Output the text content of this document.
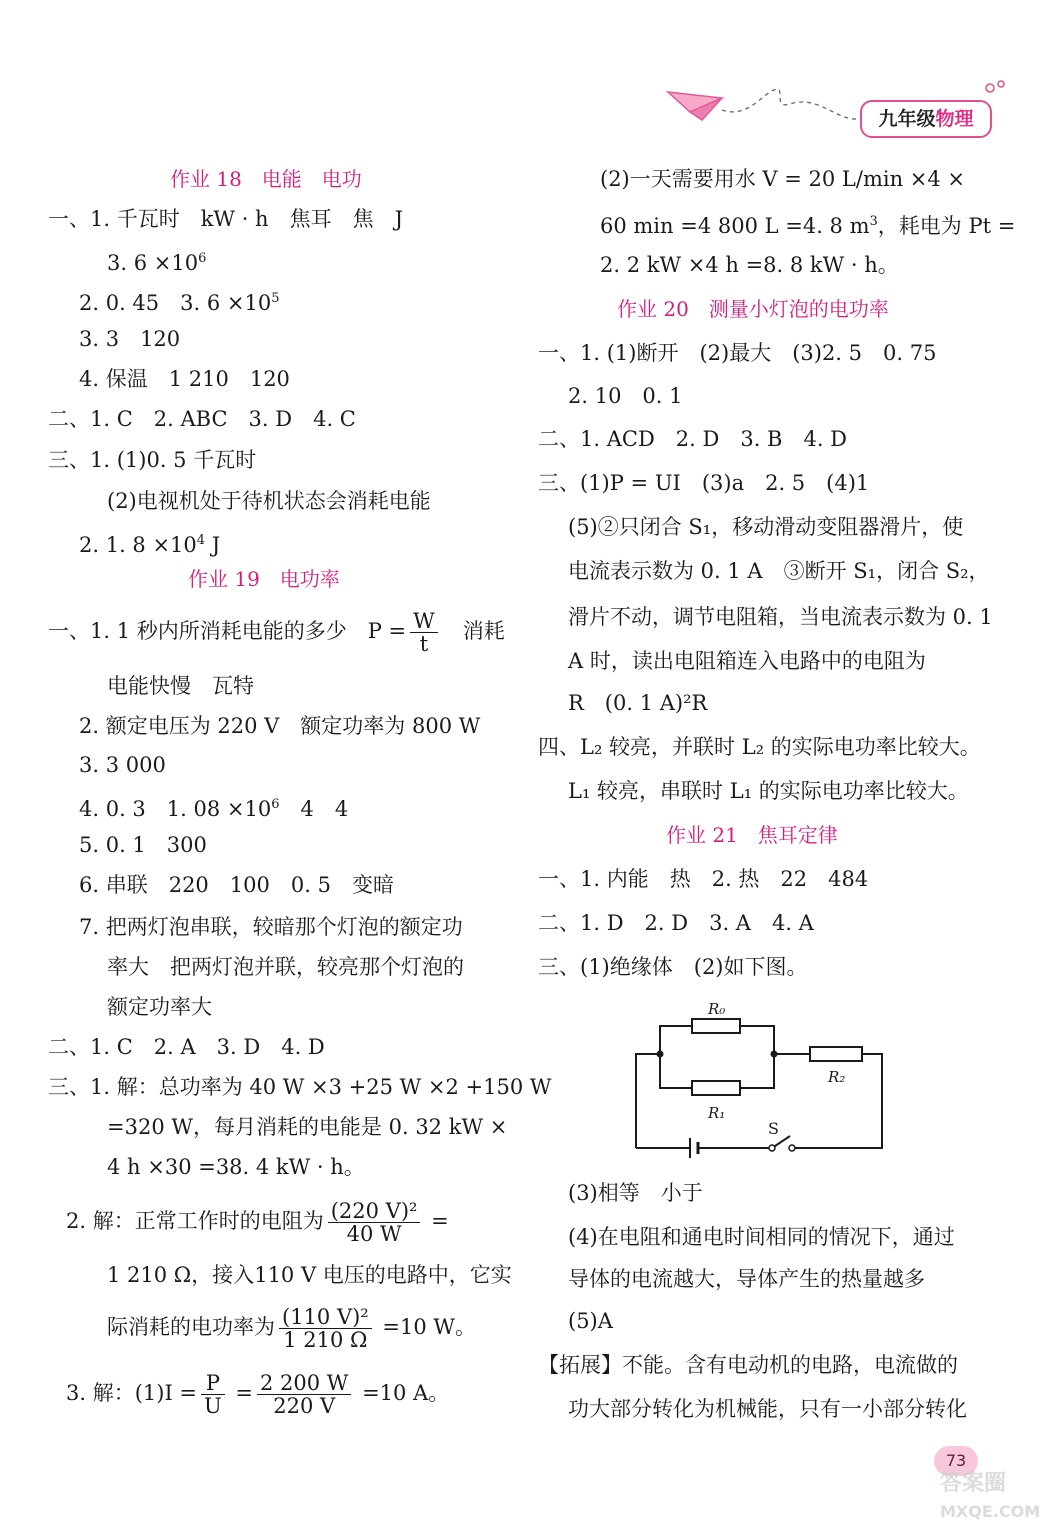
九年级物理
作业 18　电能　电功
一、1. 千瓦时　kW · h　焦耳　焦　J
3. $6 \times 10^6$
2. 0. 45　3. $6 \times 10^5$
3. 3　120
4. 保温　1 210　120
二、1. C　2. ABC　3. D　4. C
三、1. (1)0. 5 千瓦时
(2)电视机处于待机状态会消耗电能
2. 1. $8 \times 10^4$ J
作业 19　电功率
一、1. 1 秒内所消耗电能的多少　$P = \frac{W}{t}$ 　消耗
电能快慢　瓦特
2. 额定电压为 220 V　额定功率为 800 W
3. 3 000
4. 0. 3　1. $08 \times 10^6$　4　4
5. 0. 1　300
6. 串联　220　100　0. 5　变暗
7. 把两灯泡串联，较暗那个灯泡的额定功
率大　把两灯泡并联，较亮那个灯泡的
额定功率大
二、1. C　2. A　3. D　4. D
三、1. 解：总功率为 40 W ×3 +25 W ×2 +150 W
=320 W，每月消耗的电能是 0. 32 kW ×
4 h ×30 =38. 4 kW · h。
2. 解：正常工作时的电阻为 $\frac{\text{(220 V)²}}{40 W}$ =
1 210 Ω，接入110 V 电压的电路中，它实
际消耗的电功率为 $\frac{\text{(110 V)²}}{1 210 \Omega} =10$ W。
3. 解：$(1)I = \frac{P}{U} = \frac{2 200 W}{220 V} =10$ A。
(2)一天需要用水 V = 20 L/min ×4 ×
60 min =4 800 L =4. 8 $m^3$，耗电为 Pt =
2. 2 kW ×4 h =8. 8 kW · h。
作业 20　测量小灯泡的电功率
一、1. (1)断开　(2)最大　(3)2. 5　0. 75
2. 10　0. 1
二、1. ACD　2. D　3. B　4. D
三、(1)P = UI　(3)a　2. 5　(4)1
(5)②只闭合 S₁，移动滑动变阻器滑片，使
电流表示数为 0. 1 A　③断开 S₁，闭合 S₂，
滑片不动，调节电阻箱，当电流表示数为 0. 1
A 时，读出电阻箱连入电路中的电阻为
R　(0. 1 A)²R
四、L₂ 较亮，并联时 L₂ 的实际电功率比较大。
L₁ 较亮，串联时 L₁ 的实际电功率比较大。
作业 21　焦耳定律
一、1. 内能　热　2. 热　22　484
二、1. D　2. D　3. A　4. A
三、(1)绝缘体　(2)如下图。
R₀
R₁
R₂
S
(3)相等　小于
(4)在电阻和通电时间相同的情况下，通过
导体的电流越大，导体产生的热量越多
(5)A
【拓展】不能。含有电动机的电路，电流做的
功大部分转化为机械能，只有一小部分转化
73
答案圈
MXQE.COM
